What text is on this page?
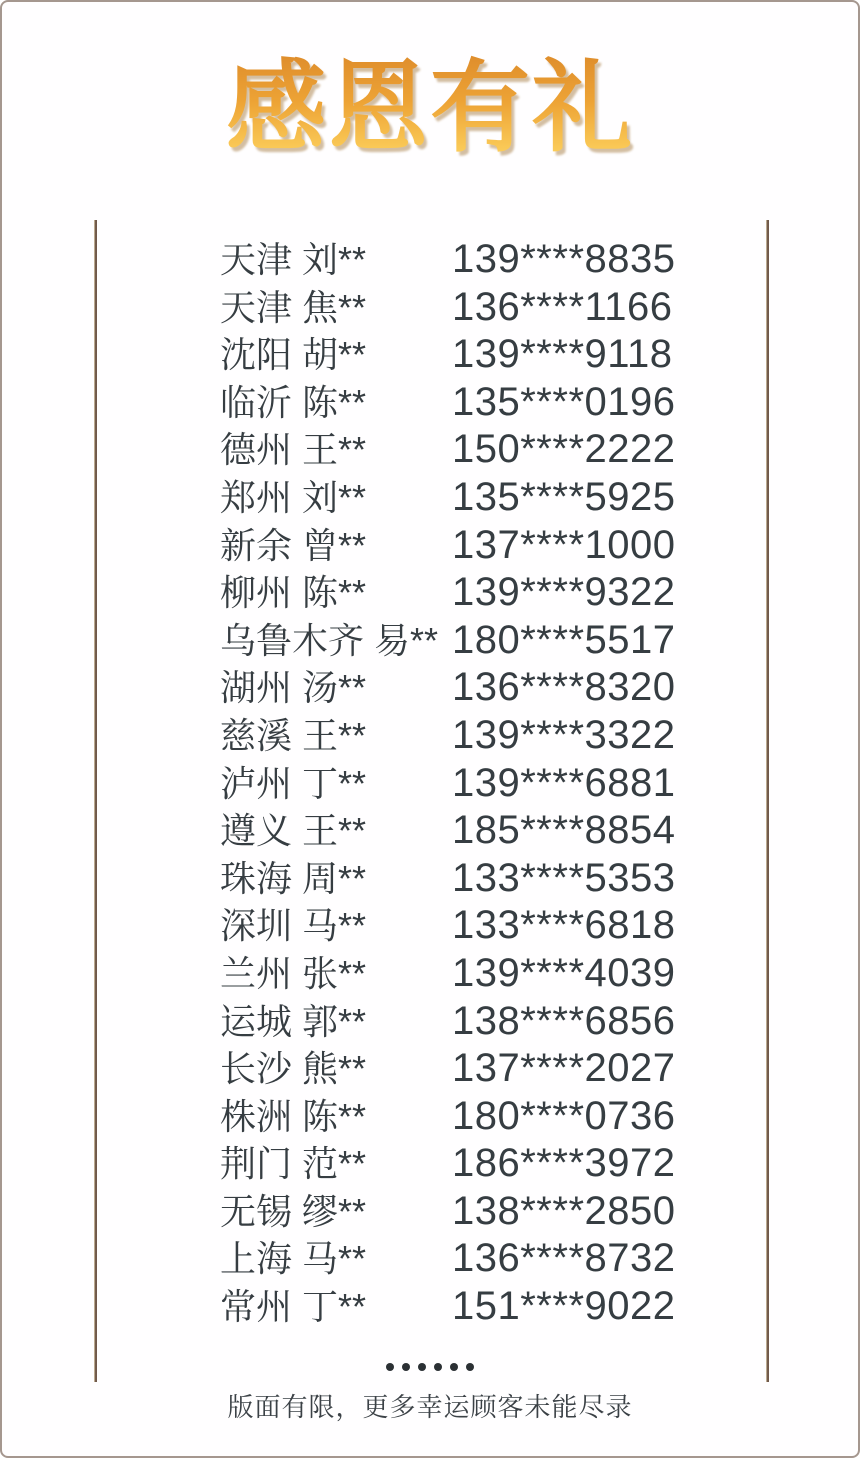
感恩有礼
天津 刘** 139****8835
天津 焦** 136****1166
沈阳 胡** 139****9118
临沂 陈** 135****0196
德州 王** 150****2222
郑州 刘** 135****5925
新余 曾** 137****1000
柳州 陈** 139****9322
乌鲁木齐 易** 180****5517
湖州 汤** 136****8320
慈溪 王** 139****3322
泸州 丁** 139****6881
遵义 王** 185****8854
珠海 周** 133****5353
深圳 马** 133****6818
兰州 张** 139****4039
运城 郭** 138****6856
长沙 熊** 137****2027
株洲 陈** 180****0736
荆门 范** 186****3972
无锡 缪** 138****2850
上海 马** 136****8732
常州 丁** 151****9022
版面有限，更多幸运顾客未能尽录
